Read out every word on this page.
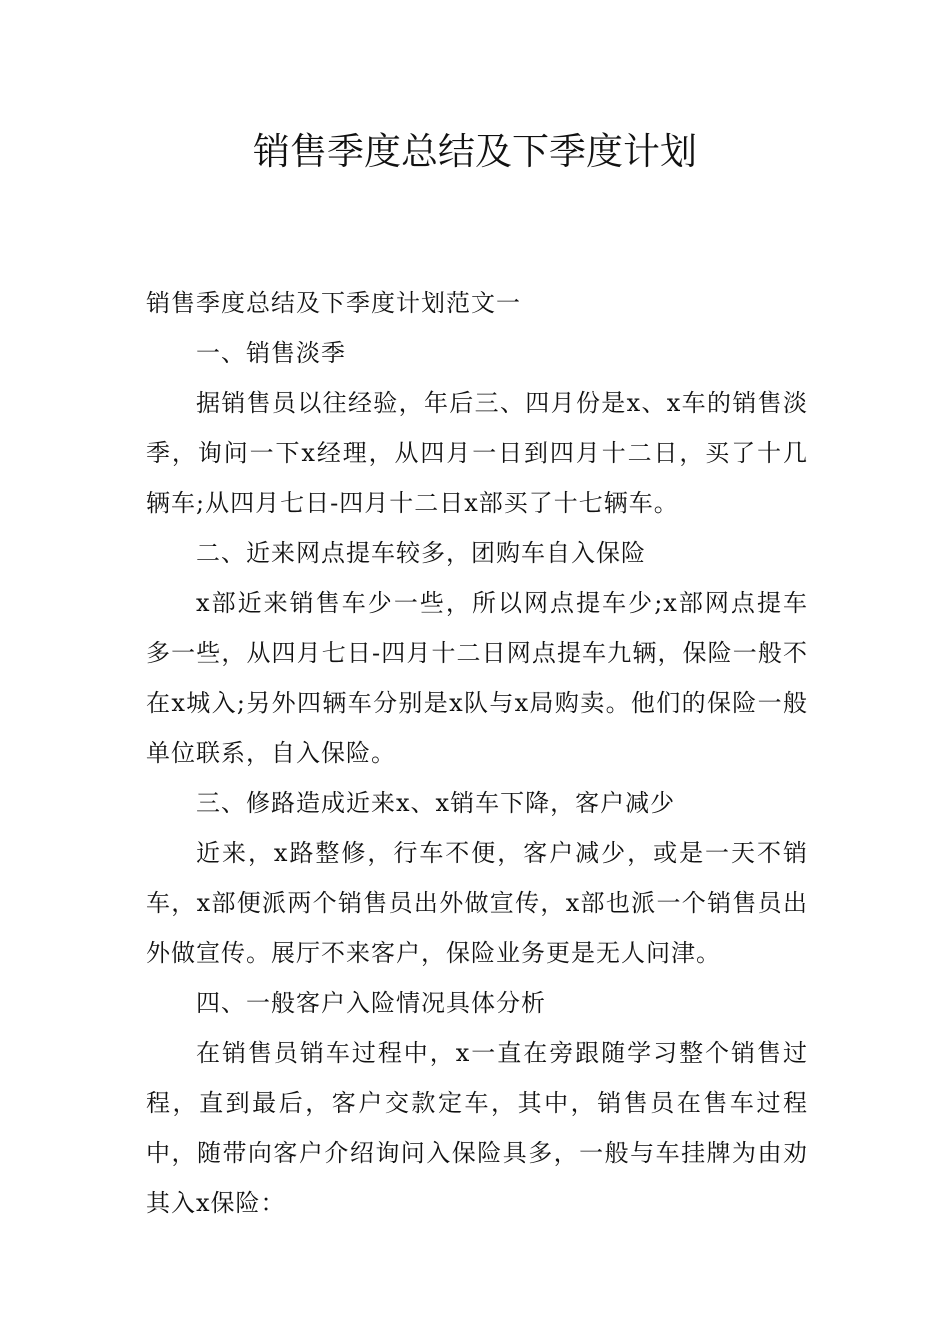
销售季度总结及下季度计划

销售季度总结及下季度计划范文一

一、销售淡季

据销售员以往经验，年后三、四月份是x、x车的销售淡季，询问一下x经理，从四月一日到四月十二日，买了十几辆车;从四月七日-四月十二日x部买了十七辆车。

二、近来网点提车较多，团购车自入保险

x部近来销售车少一些，所以网点提车少;x部网点提车多一些，从四月七日-四月十二日网点提车九辆，保险一般不在x城入;另外四辆车分别是x队与x局购卖。他们的保险一般单位联系，自入保险。

三、修路造成近来x、x销车下降，客户减少

近来，x路整修，行车不便，客户减少，或是一天不销车，x部便派两个销售员出外做宣传，x部也派一个销售员出外做宣传。展厅不来客户，保险业务更是无人问津。

四、一般客户入险情况具体分析

在销售员销车过程中，x一直在旁跟随学习整个销售过程，直到最后，客户交款定车，其中，销售员在售车过程中，随带向客户介绍询问入保险具多，一般与车挂牌为由劝其入x保险：
